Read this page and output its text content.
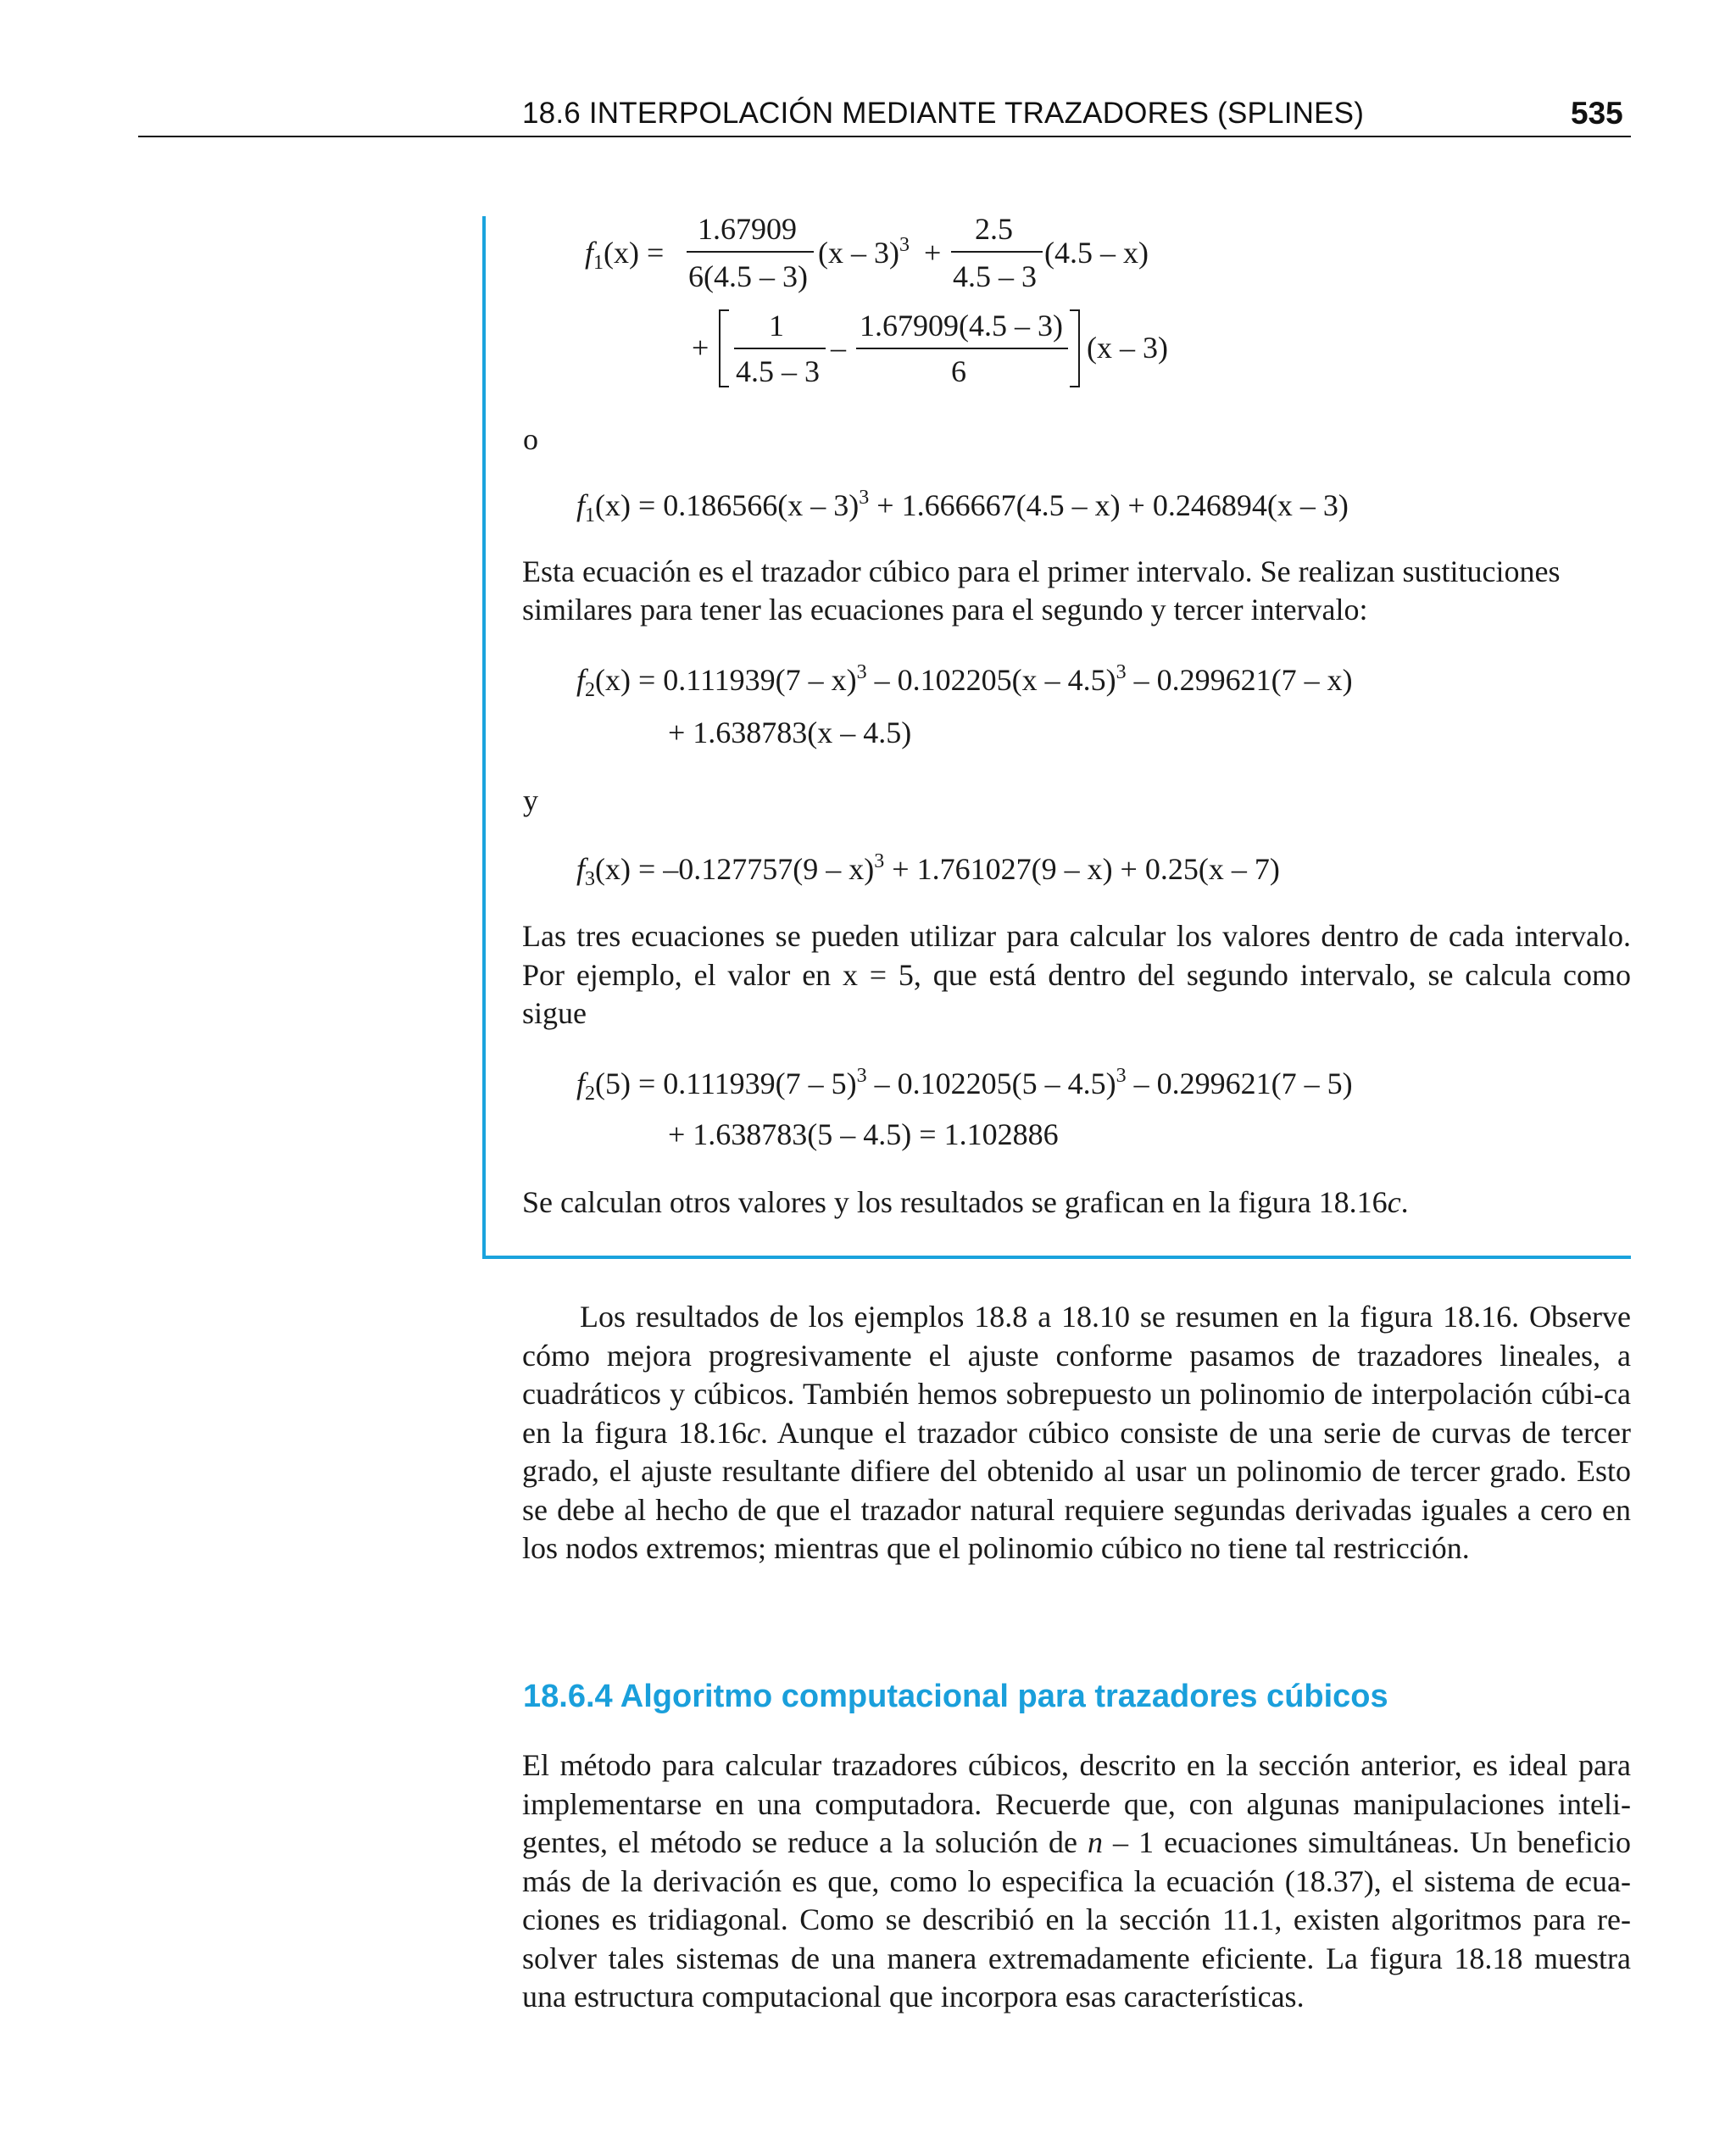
18.6 INTERPOLACIÓN MEDIANTE TRAZADORES (SPLINES)	535
$f_1(x)$ =
1.67909
6(4.5 – 3)
(x – 3)$^3$ +
2.5
4.5 – 3
(4.5 – x)
+
1
4.5 – 3
–
1.67909(4.5 – 3)
6
(x – 3)
o
$f_1(x) = 0.186566(x - 3)^3 + 1.666667(4.5 - x) + 0.246894(x - 3)$
Esta ecuación es el trazador cúbico para el primer intervalo. Se realizan sustituciones
similares para tener las ecuaciones para el segundo y tercer intervalo:
$f_2(x) = 0.111939(7 - x)^3 - 0.102205(x - 4.5)^3 - 0.299621(7 - x)$
+ 1.638783(x – 4.5)
y
$f_3(x) = -0.127757(9 - x)^3 + 1.761027(9 - x) + 0.25(x - 7)$
Las tres ecuaciones se pueden utilizar para calcular los valores dentro de cada intervalo. Por ejemplo, el valor en x = 5, que está dentro del segundo intervalo, se calcula como sigue
$f_2(5) = 0.111939(7 - 5)^3 - 0.102205(5 - 4.5)^3 - 0.299621(7 - 5)$
+ 1.638783(5 – 4.5) = 1.102886
Se calculan otros valores y los resultados se grafican en la figura 18.16c.
Los resultados de los ejemplos 18.8 a 18.10 se resumen en la figura 18.16. Observe cómo mejora progresivamente el ajuste conforme pasamos de trazadores lineales, a cuadráticos y cúbicos. También hemos sobrepuesto un polinomio de interpolación cúbi-ca en la figura 18.16c. Aunque el trazador cúbico consiste de una serie de curvas de tercer grado, el ajuste resultante difiere del obtenido al usar un polinomio de tercer grado. Esto se debe al hecho de que el trazador natural requiere segundas derivadas iguales a cero en los nodos extremos; mientras que el polinomio cúbico no tiene tal restricción.
18.6.4 Algoritmo computacional para trazadores cúbicos
El método para calcular trazadores cúbicos, descrito en la sección anterior, es ideal para implementarse en una computadora. Recuerde que, con algunas manipulaciones inteli-gentes, el método se reduce a la solución de n – 1 ecuaciones simultáneas. Un beneficio más de la derivación es que, como lo especifica la ecuación (18.37), el sistema de ecua-ciones es tridiagonal. Como se describió en la sección 11.1, existen algoritmos para re-solver tales sistemas de una manera extremadamente eficiente. La figura 18.18 muestra una estructura computacional que incorpora esas características.
